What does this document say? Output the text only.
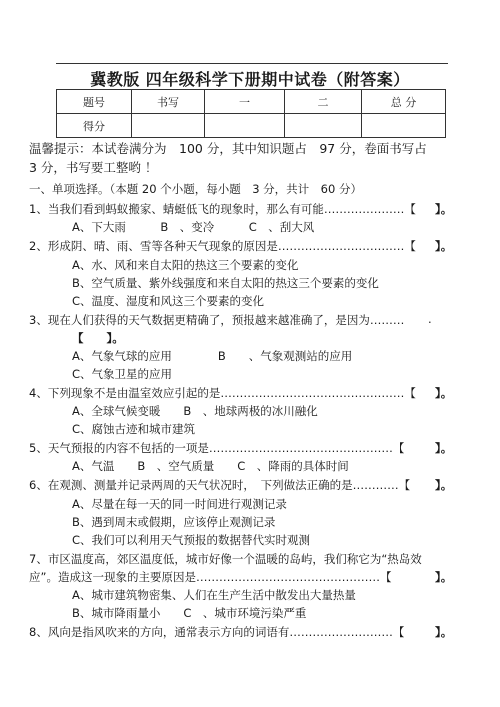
冀教版 四年级科学下册期中试卷（附答案）
题号	书写	一	二	总 分
得分				
温馨提示：本试卷满分为　100 分，其中知识题占　97 分，卷面书写占
3 分，书写要工整哟 ！
一、单项选择。（本题 20 个小题，每小题　3 分，共计　60 分）
1、当我们看到蚂蚁搬家、蜻蜓低飞的现象时，那么有可能…………………【	】。
A、下大雨　　　B　、变冷　　　C　、刮大风
2、形成阴、晴、雨、雪等各种天气现象的原因是……………………………【	】。
A、水、风和来自太阳的热这三个要素的变化
B、空气质量、紫外线强度和来自太阳的热这三个要素的变化
C、温度、湿度和风这三个要素的变化
3、现在人们获得的天气数据更精确了，预报越来越准确了，是因为………	.
【　　】。
A、气象气球的应用　　　　B　　、气象观测站的应用
C、气象卫星的应用
4、下列现象不是由温室效应引起的是…………………………………………【	】。
A、全球气候变暖　　B　、地球两极的冰川融化
C、腐蚀古迹和城市建筑
5、天气预报的内容不包括的一项是…………………………………………【	】。
A、气温　　B　、空气质量　　C　、降雨的具体时间
6、在观测、测量并记录两周的天气状况时，　下列做法正确的是…………【	】。
A、尽量在每一天的同一时间进行观测记录
B、遇到周末或假期，应该停止观测记录
C、我们可以利用天气预报的数据替代实时观测
7、市区温度高，郊区温度低，城市好像一个温暖的岛屿，我们称它为“热岛效
应”。造成这一现象的主要原因是…………………………………………【	】。
A、城市建筑物密集、人们在生产生活中散发出大量热量
B、城市降雨量小　　C　、城市环境污染严重
8、风向是指风吹来的方向，通常表示方向的词语有………………………【	】。
